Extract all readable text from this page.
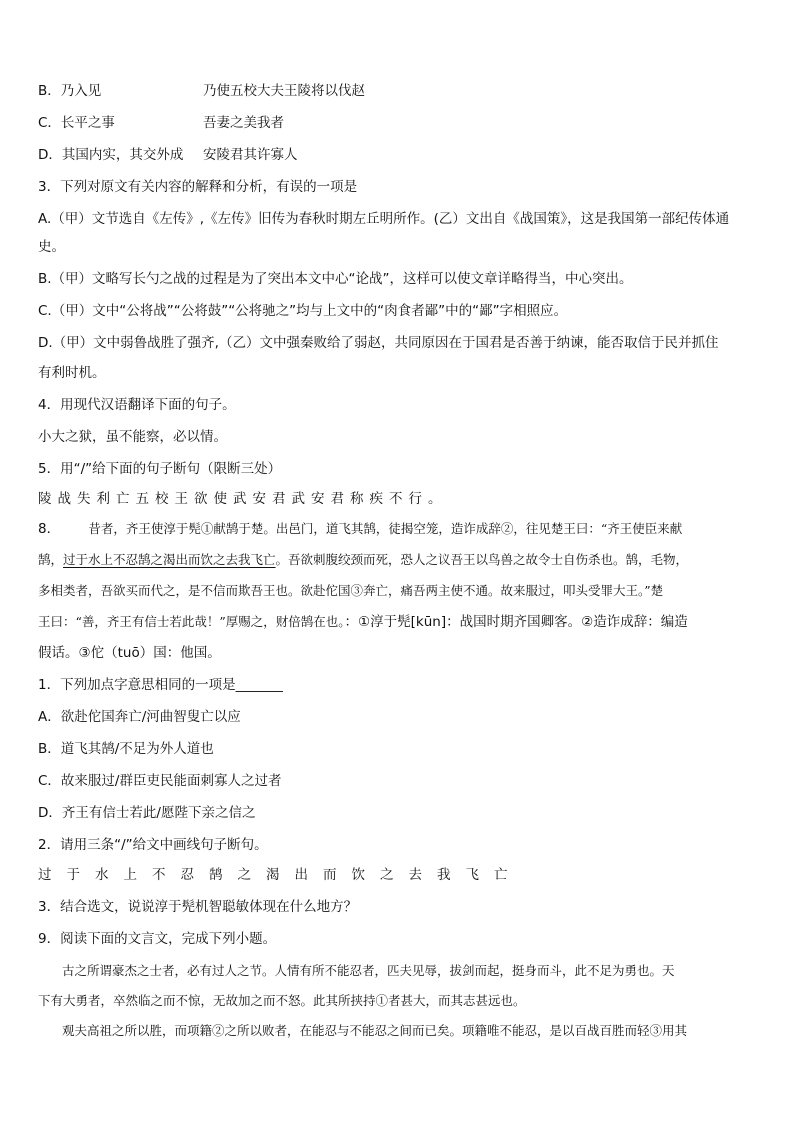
B．乃入见	乃使五校大夫王陵将以伐赵
C．长平之事	吾妻之美我者
D．其国内实，其交外成 安陵君其许寡人
3．下列对原文有关内容的解释和分析，有误的一项是
A.（甲）文节选自《左传》,《左传》旧传为春秋时期左丘明所作。(乙）文出自《战国策》，这是我国第一部纪传体通
史。
B.（甲）文略写长勺之战的过程是为了突出本文中心“论战”，这样可以使文章详略得当，中心突出。
C.（甲）文中“公将战”“公将鼓”“公将驰之”均与上文中的“肉食者鄙”中的“鄙”字相照应。
D.（甲）文中弱鲁战胜了强齐,（乙）文中强秦败给了弱赵，共同原因在于国君是否善于纳谏，能否取信于民并抓住
有利时机。
4．用现代汉语翻译下面的句子。
小大之狱，虽不能察，必以情。
5．用“/”给下面的句子断句（限断三处）
陵战失利亡五校王欲使武安君武安君称疾不行。
8． 昔者，齐王使淳于髡①献鹄于楚。出邑门，道飞其鹄，徒揭空笼，造诈成辞②，往见楚王曰：“齐王使臣来献
鹄，过于水上不忍鹄之渴出而饮之去我飞亡。吾欲刺腹绞颈而死，恐人之议吾王以鸟兽之故令士自伤杀也。鹄，毛物，
多相类者，吾欲买而代之，是不信而欺吾王也。欲赴佗国③奔亡，痛吾两主使不通。故来服过，叩头受罪大王。”楚
王曰：“善，齐王有信士若此哉！”厚赐之，财倍鹄在也。：①淳于髡[kūn]：战国时期齐国卿客。②造诈成辞：编造
假话。③佗（tuō）国：他国。
1．下列加点字意思相同的一项是_______
A．欲赴佗国奔亡/河曲智叟亡以应
B．道飞其鹄/不足为外人道也
C．故来服过/群臣吏民能面刺寡人之过者
D．齐王有信士若此/愿陛下亲之信之
2．请用三条“/”给文中画线句子断句。
过于水上不忍鹄之渴出而饮之去我飞亡
3．结合选文，说说淳于髡机智聪敏体现在什么地方？
9．阅读下面的文言文，完成下列小题。
古之所谓豪杰之士者，必有过人之节。人情有所不能忍者，匹夫见辱，拔剑而起，挺身而斗，此不足为勇也。天
下有大勇者，卒然临之而不惊，无故加之而不怒。此其所挟持①者甚大，而其志甚远也。
观夫高祖之所以胜，而项籍②之所以败者，在能忍与不能忍之间而已矣。项籍唯不能忍，是以百战百胜而轻③用其
